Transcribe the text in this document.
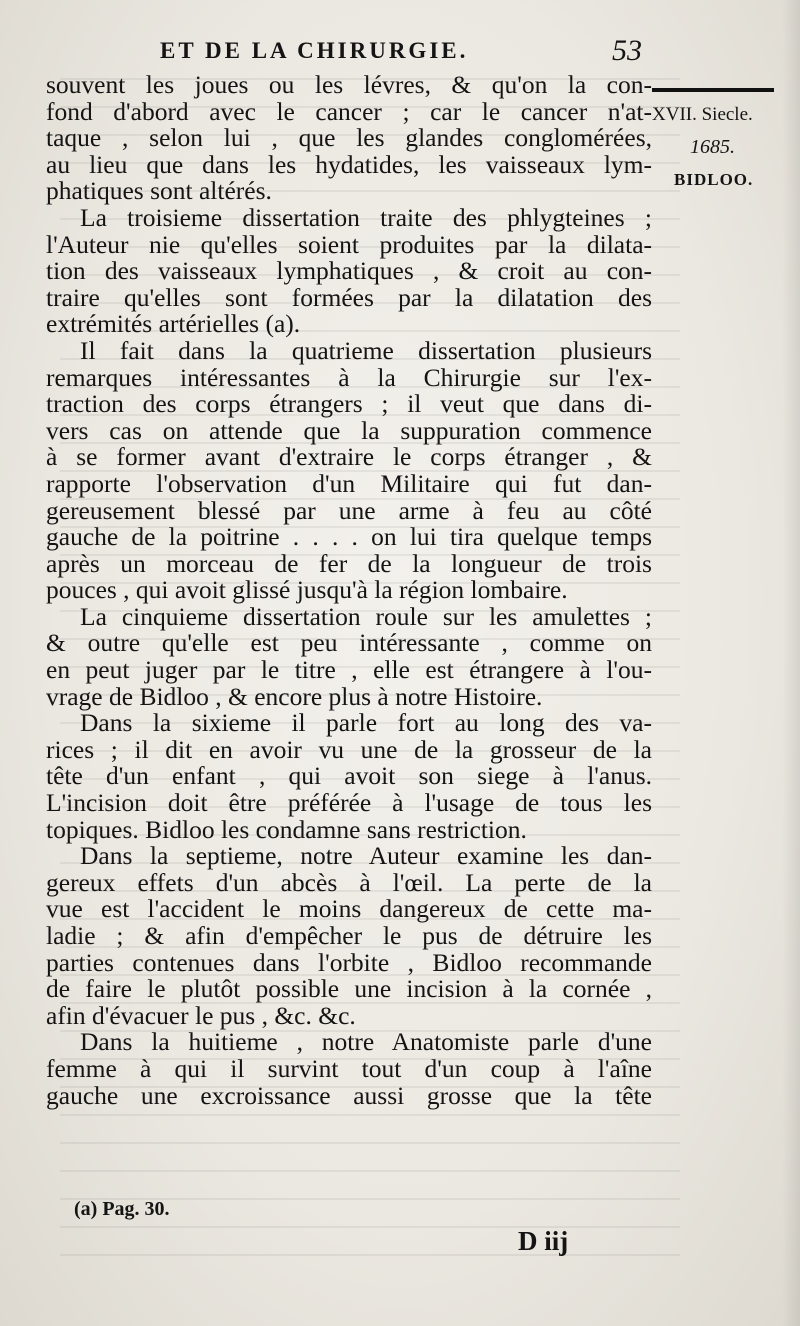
ET DE LA CHIRURGIE.	53
XVII. Siecle.
1685.
BIDLOO.
souvent les joues ou les lévres, & qu'on la con-
fond d'abord avec le cancer ; car le cancer n'at-
taque , selon lui , que les glandes conglomérées,
au lieu que dans les hydatides, les vaisseaux lym-
phatiques sont altérés.
La troisieme dissertation traite des phlygteines ;
l'Auteur nie qu'elles soient produites par la dilata-
tion des vaisseaux lymphatiques , & croit au con-
traire qu'elles sont formées par la dilatation des
extrémités artérielles (a).
Il fait dans la quatrieme dissertation plusieurs
remarques intéressantes à la Chirurgie sur l'ex-
traction des corps étrangers ; il veut que dans di-
vers cas on attende que la suppuration commence
à se former avant d'extraire le corps étranger , &
rapporte l'observation d'un Militaire qui fut dan-
gereusement blessé par une arme à feu au côté
gauche de la poitrine . . . . on lui tira quelque temps
après un morceau de fer de la longueur de trois
pouces , qui avoit glissé jusqu'à la région lombaire.
La cinquieme dissertation roule sur les amulettes ;
& outre qu'elle est peu intéressante , comme on
en peut juger par le titre , elle est étrangere à l'ou-
vrage de Bidloo , & encore plus à notre Histoire.
Dans la sixieme il parle fort au long des va-
rices ; il dit en avoir vu une de la grosseur de la
tête d'un enfant , qui avoit son siege à l'anus.
L'incision doit être préférée à l'usage de tous les
topiques. Bidloo les condamne sans restriction.
Dans la septieme, notre Auteur examine les dan-
gereux effets d'un abcès à l'œil. La perte de la
vue est l'accident le moins dangereux de cette ma-
ladie ; & afin d'empêcher le pus de détruire les
parties contenues dans l'orbite , Bidloo recommande
de faire le plutôt possible une incision à la cornée ,
afin d'évacuer le pus , &c. &c.
Dans la huitieme , notre Anatomiste parle d'une
femme à qui il survint tout d'un coup à l'aîne
gauche une excroissance aussi grosse que la tête
(a) Pag. 30.
D iij
